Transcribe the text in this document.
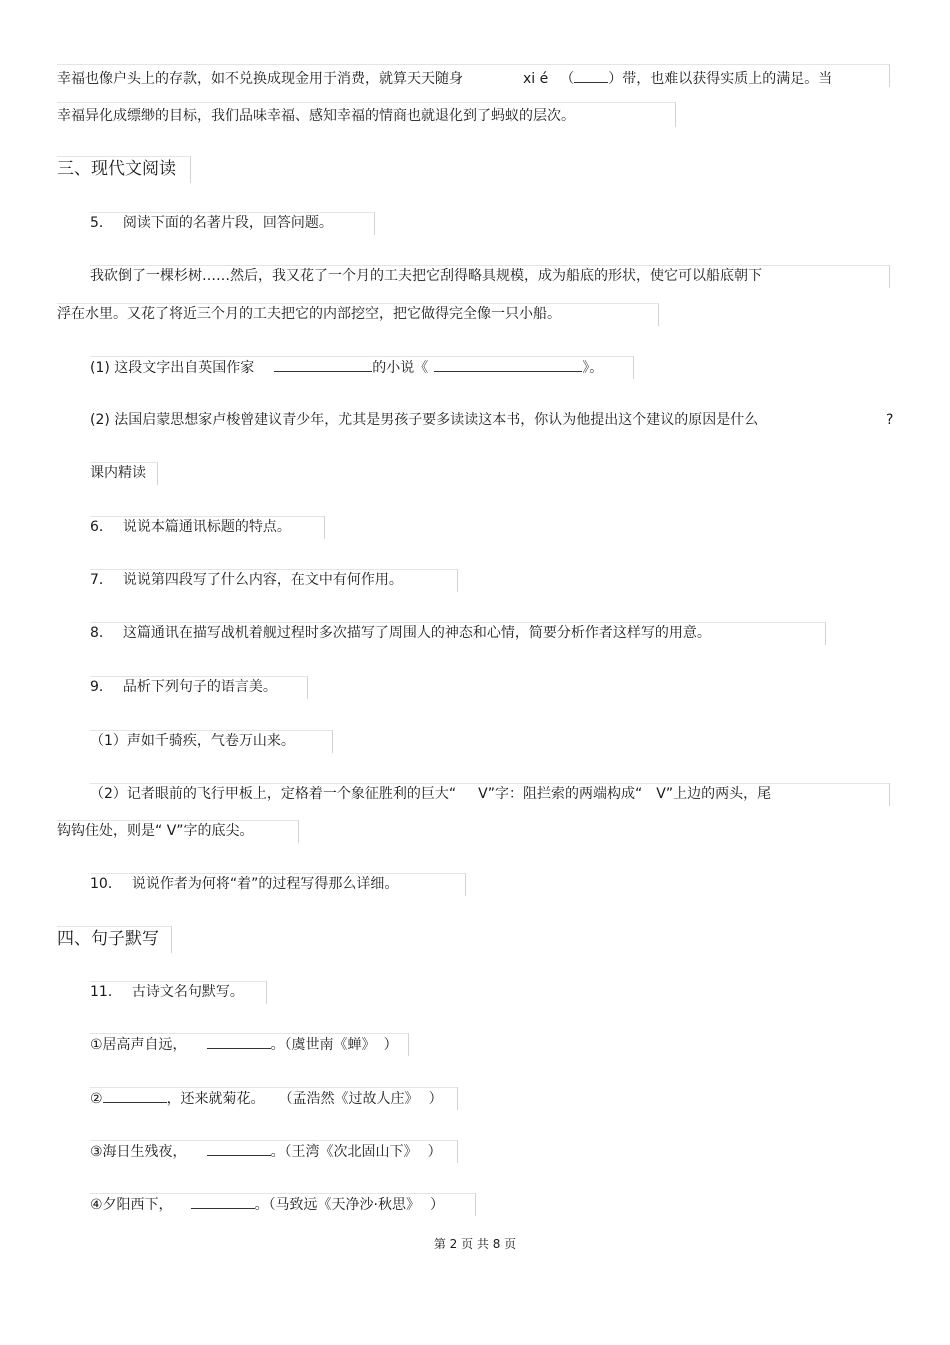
幸福也像户头上的存款，如不兑换成现金用于消费，就算天天随身	xi é （ ）带，也难以获得实质上的满足。当
幸福异化成缥缈的目标，我们品味幸福、感知幸福的情商也就退化到了蚂蚁的层次。
三、现代文阅读
5． 阅读下面的名著片段，回答问题。
我砍倒了一棵杉树……然后，我又花了一个月的工夫把它刮得略具规模，成为船底的形状，使它可以船底朝下
浮在水里。又花了将近三个月的工夫把它的内部挖空，把它做得完全像一只小船。
(1) 这段文字出自英国作家	的小说《	》。
(2) 法国启蒙思想家卢梭曾建议青少年，尤其是男孩子要多读读这本书，你认为他提出这个建议的原因是什么	?
课内精读
6． 说说本篇通讯标题的特点。
7． 说说第四段写了什么内容，在文中有何作用。
8． 这篇通讯在描写战机着舰过程时多次描写了周围人的神态和心情，简要分析作者这样写的用意。
9． 品析下列句子的语言美。
（1）声如千骑疾，气卷万山来。
（2）记者眼前的飞行甲板上，定格着一个象征胜利的巨大“ V”字：阻拦索的两端构成“ V”上边的两头，尾
钩钩住处，则是“ V”字的底尖。
10． 说说作者为何将“着”的过程写得那么详细。
四、句子默写
11． 古诗文名句默写。
①居高声自远，	。（虞世南《蝉》 ）
②	，还来就菊花。 （孟浩然《过故人庄》 ）
③海日生残夜，	。（王湾《次北固山下》 ）
④夕阳西下，	。（马致远《天净沙·秋思》 ）
第 2 页 共 8 页
